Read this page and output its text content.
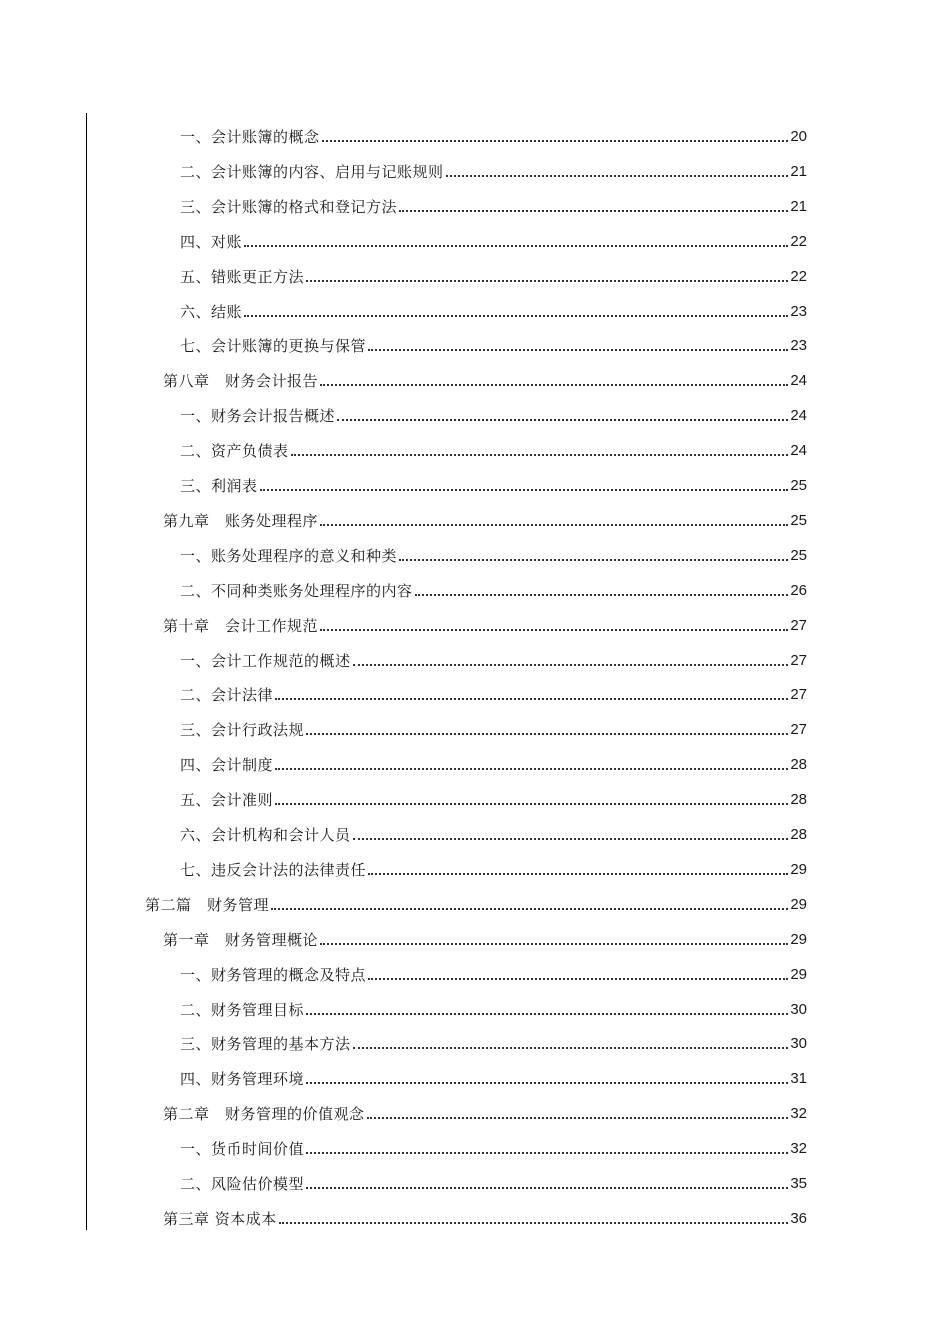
一、会计账簿的概念	20
二、会计账簿的内容、启用与记账规则	21
三、会计账簿的格式和登记方法	21
四、对账	22
五、错账更正方法	22
六、结账	23
七、会计账簿的更换与保管	23
第八章　财务会计报告	24
一、财务会计报告概述	24
二、资产负债表	24
三、利润表	25
第九章　账务处理程序	25
一、账务处理程序的意义和种类	25
二、不同种类账务处理程序的内容	26
第十章　会计工作规范	27
一、会计工作规范的概述	27
二、会计法律	27
三、会计行政法规	27
四、会计制度	28
五、会计准则	28
六、会计机构和会计人员	28
七、违反会计法的法律责任	29
第二篇　财务管理	29
第一章　财务管理概论	29
一、财务管理的概念及特点	29
二、财务管理目标	30
三、财务管理的基本方法	30
四、财务管理环境	31
第二章　财务管理的价值观念	32
一、货币时间价值	32
二、风险估价模型	35
第三章 资本成本	36
